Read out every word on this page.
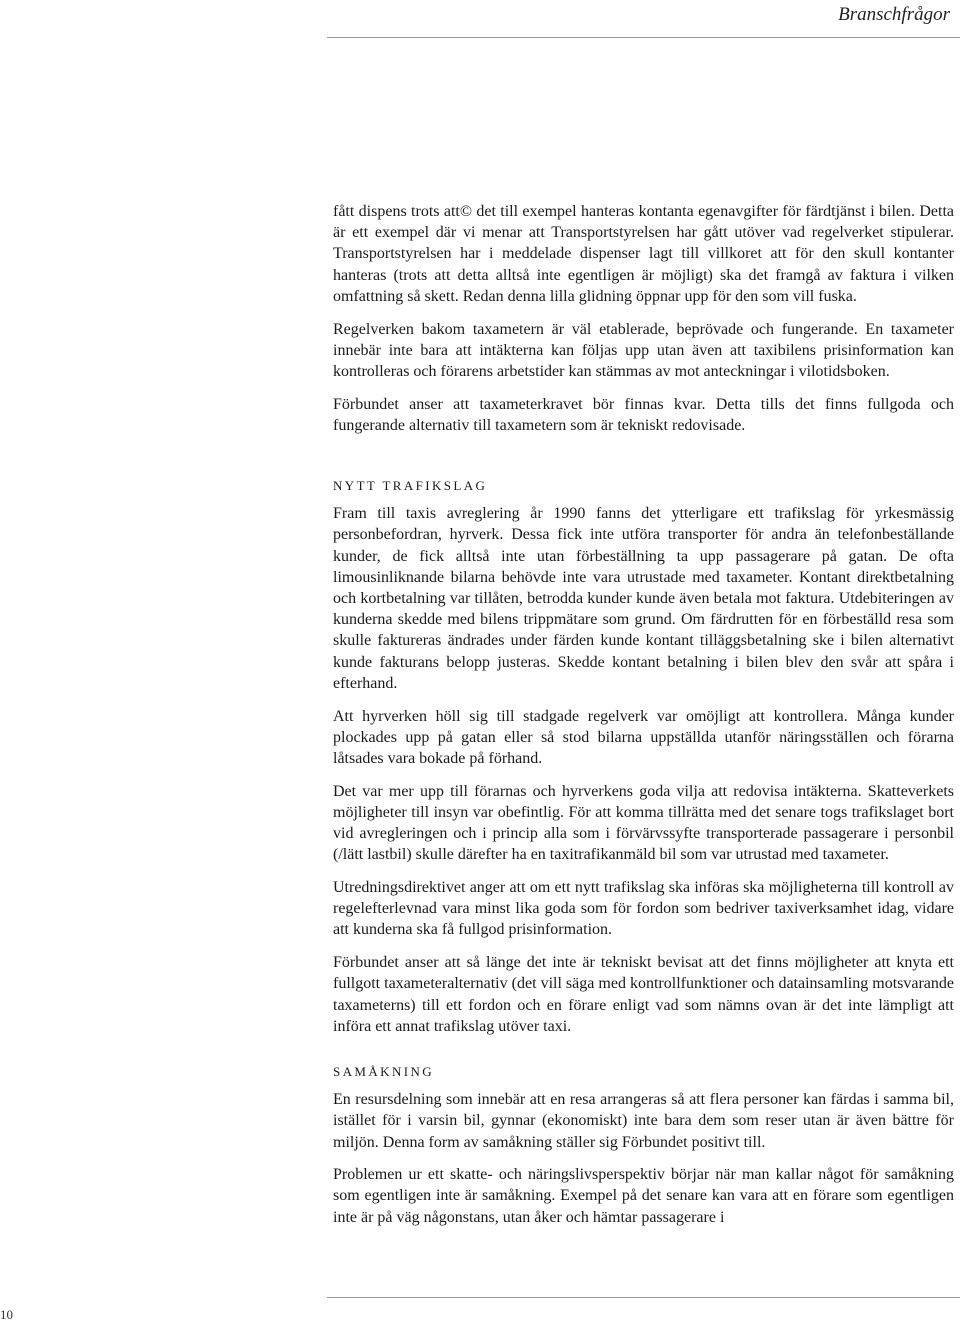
Branschfrågor

fått dispens trots att© det till exempel hanteras kontanta egenavgifter för färdtjänst i bilen. Detta är ett exempel där vi menar att Transportstyrelsen har gått utöver vad regelverket stipulerar. Transportstyrelsen har i meddelade dispenser lagt till villkoret att för den skull kontanter hanteras (trots att detta alltså inte egentligen är möjligt) ska det framgå av faktura i vilken omfattning så skett. Redan denna lilla glidning öppnar upp för den som vill fuska.

Regelverken bakom taxametern är väl etablerade, beprövade och fungerande. En taxameter innebär inte bara att intäkterna kan följas upp utan även att taxibilens prisinformation kan kontrolleras och förarens arbetstider kan stämmas av mot anteckningar i vilotidsboken.

Förbundet anser att taxameterkravet bör finnas kvar. Detta tills det finns fullgoda och fungerande alternativ till taxametern som är tekniskt redovisade.

NYTT TRAFIKSLAG

Fram till taxis avreglering år 1990 fanns det ytterligare ett trafikslag för yrkesmässig personbefordran, hyrverk. Dessa fick inte utföra transporter för andra än telefonbeställande kunder, de fick alltså inte utan förbeställning ta upp passagerare på gatan. De ofta limousinliknande bilarna behövde inte vara utrustade med taxameter. Kontant direktbetalning och kortbetalning var tillåten, betrodda kunder kunde även betala mot faktura. Utdebiteringen av kunderna skedde med bilens trippmätare som grund. Om färdrutten för en förbeställd resa som skulle faktureras ändrades under färden kunde kontant tilläggsbetalning ske i bilen alternativt kunde fakturans belopp justeras. Skedde kontant betalning i bilen blev den svår att spåra i efterhand.

Att hyrverken höll sig till stadgade regelverk var omöjligt att kontrollera. Många kunder plockades upp på gatan eller så stod bilarna uppställda utanför näringsställen och förarna låtsades vara bokade på förhand.

Det var mer upp till förarnas och hyrverkens goda vilja att redovisa intäkterna. Skatteverkets möjligheter till insyn var obefintlig. För att komma tillrätta med det senare togs trafikslaget bort vid avregleringen och i princip alla som i förvärvssyfte transporterade passagerare i personbil (/lätt lastbil) skulle därefter ha en taxitrafikanmäld bil som var utrustad med taxameter.

Utredningsdirektivet anger att om ett nytt trafikslag ska införas ska möjligheterna till kontroll av regelefterlevnad vara minst lika goda som för fordon som bedriver taxiverksamhet idag, vidare att kunderna ska få fullgod prisinformation.

Förbundet anser att så länge det inte är tekniskt bevisat att det finns möjligheter att knyta ett fullgott taxameteralternativ (det vill säga med kontrollfunktioner och datainsamling motsvarande taxameterns) till ett fordon och en förare enligt vad som nämns ovan är det inte lämpligt att införa ett annat trafikslag utöver taxi.

SAMÅKNING

En resursdelning som innebär att en resa arrangeras så att flera personer kan färdas i samma bil, istället för i varsin bil, gynnar (ekonomiskt) inte bara dem som reser utan är även bättre för miljön. Denna form av samåkning ställer sig Förbundet positivt till.

Problemen ur ett skatte- och näringslivsperspektiv börjar när man kallar något för samåkning som egentligen inte är samåkning. Exempel på det senare kan vara att en förare som egentligen inte är på väg någonstans, utan åker och hämtar passagerare i

10
